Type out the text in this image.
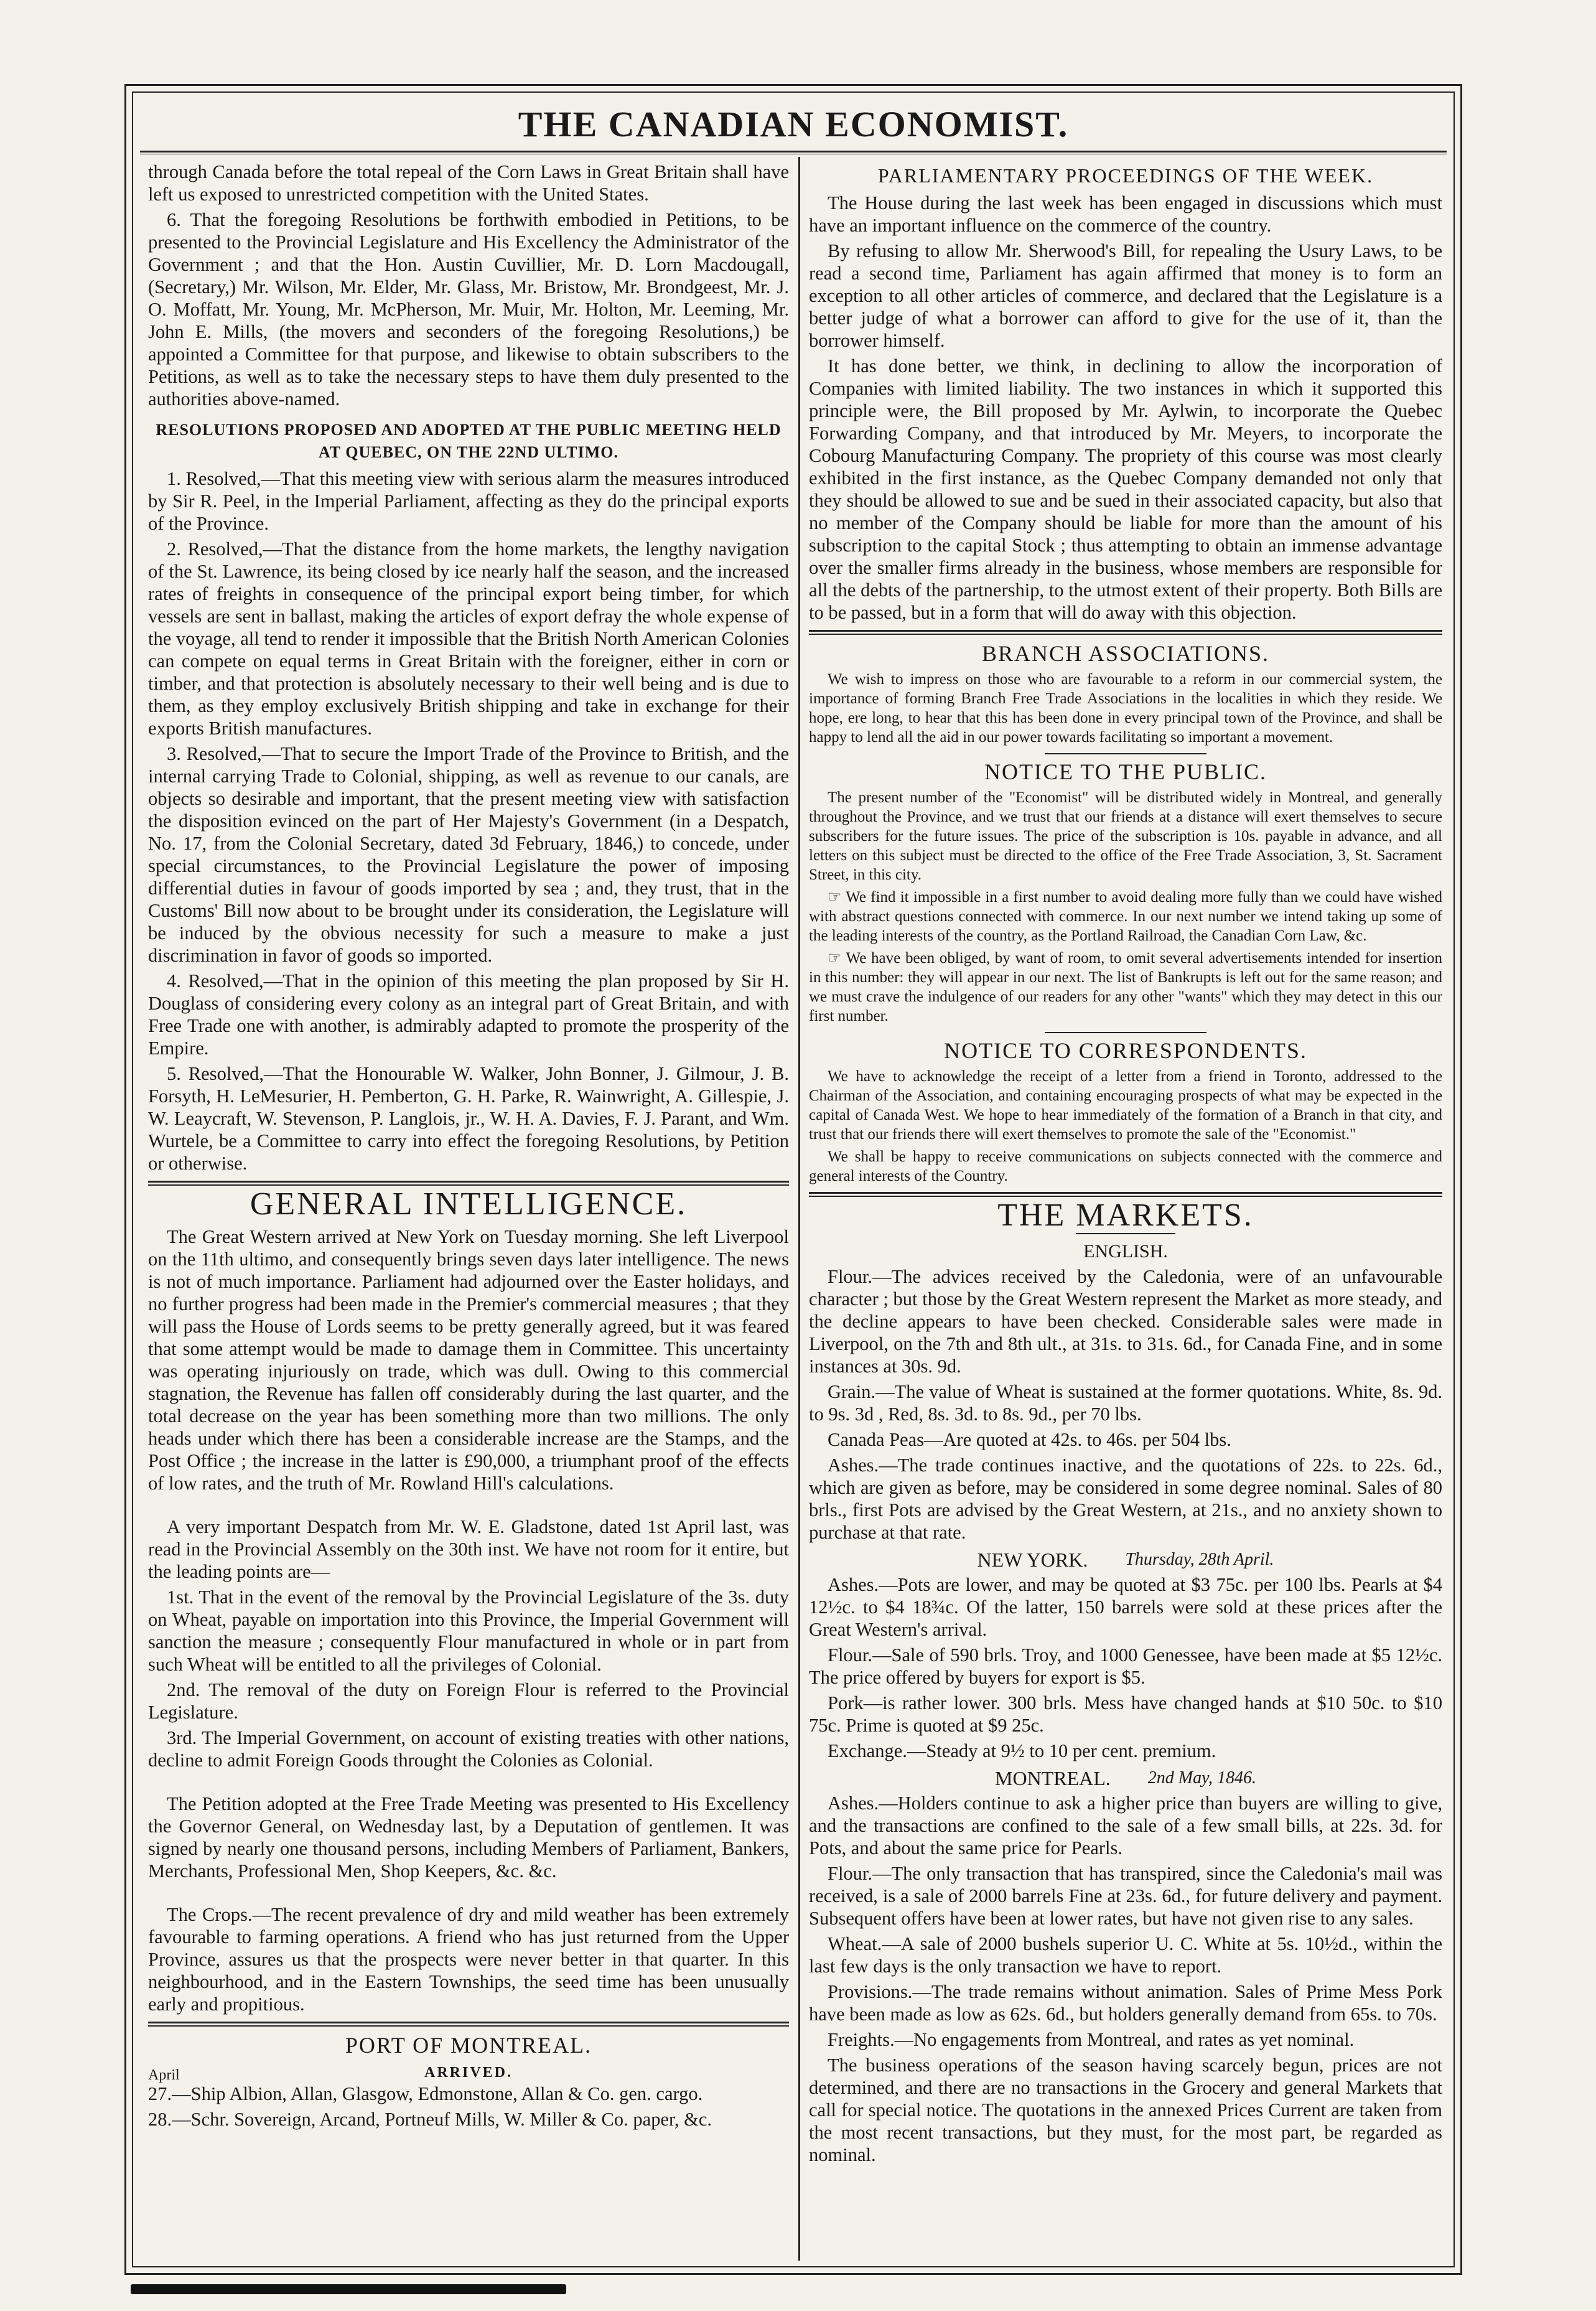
THE CANADIAN ECONOMIST.

through Canada before the total repeal of the Corn Laws in Great Britain shall have left us exposed to unrestricted competition with the United States.

6. That the foregoing Resolutions be forthwith embodied in Petitions, to be presented to the Provincial Legislature and His Excellency the Administrator of the Government ; and that the Hon. Austin Cuvillier, Mr. D. Lorn Macdougall, (Secretary,) Mr. Wilson, Mr. Elder, Mr. Glass, Mr. Bristow, Mr. Brondgeest, Mr. J. O. Moffatt, Mr. Young, Mr. McPherson, Mr. Muir, Mr. Holton, Mr. Leeming, Mr. John E. Mills, (the movers and seconders of the foregoing Resolutions,) be appointed a Committee for that purpose, and likewise to obtain subscribers to the Petitions, as well as to take the necessary steps to have them duly presented to the authorities above-named.

RESOLUTIONS PROPOSED AND ADOPTED AT THE PUBLIC MEETING HELD AT QUEBEC, ON THE 22ND ULTIMO.

1. Resolved,—That this meeting view with serious alarm the measures introduced by Sir R. Peel, in the Imperial Parliament, affecting as they do the principal exports of the Province.

2. Resolved,—That the distance from the home markets, the lengthy navigation of the St. Lawrence, its being closed by ice nearly half the season, and the increased rates of freights in consequence of the principal export being timber, for which vessels are sent in ballast, making the articles of export defray the whole expense of the voyage, all tend to render it impossible that the British North American Colonies can compete on equal terms in Great Britain with the foreigner, either in corn or timber, and that protection is absolutely necessary to their well being and is due to them, as they employ exclusively British shipping and take in exchange for their exports British manufactures.

3. Resolved,—That to secure the Import Trade of the Province to British, and the internal carrying Trade to Colonial, shipping, as well as revenue to our canals, are objects so desirable and important, that the present meeting view with satisfaction the disposition evinced on the part of Her Majesty's Government (in a Despatch, No. 17, from the Colonial Secretary, dated 3d February, 1846,) to concede, under special circumstances, to the Provincial Legislature the power of imposing differential duties in favour of goods imported by sea ; and, they trust, that in the Customs' Bill now about to be brought under its consideration, the Legislature will be induced by the obvious necessity for such a measure to make a just discrimination in favor of goods so imported.

4. Resolved,—That in the opinion of this meeting the plan proposed by Sir H. Douglass of considering every colony as an integral part of Great Britain, and with Free Trade one with another, is admirably adapted to promote the prosperity of the Empire.

5. Resolved,—That the Honourable W. Walker, John Bonner, J. Gilmour, J. B. Forsyth, H. LeMesurier, H. Pemberton, G. H. Parke, R. Wainwright, A. Gillespie, J. W. Leaycraft, W. Stevenson, P. Langlois, jr., W. H. A. Davies, F. J. Parant, and Wm. Wurtele, be a Committee to carry into effect the foregoing Resolutions, by Petition or otherwise.

GENERAL INTELLIGENCE.

The Great Western arrived at New York on Tuesday morning. She left Liverpool on the 11th ultimo, and consequently brings seven days later intelligence. The news is not of much importance. Parliament had adjourned over the Easter holidays, and no further progress had been made in the Premier's commercial measures ; that they will pass the House of Lords seems to be pretty generally agreed, but it was feared that some attempt would be made to damage them in Committee. This uncertainty was operating injuriously on trade, which was dull. Owing to this commercial stagnation, the Revenue has fallen off considerably during the last quarter, and the total decrease on the year has been something more than two millions. The only heads under which there has been a considerable increase are the Stamps, and the Post Office ; the increase in the latter is £90,000, a triumphant proof of the effects of low rates, and the truth of Mr. Rowland Hill's calculations.

A very important Despatch from Mr. W. E. Gladstone, dated 1st April last, was read in the Provincial Assembly on the 30th inst. We have not room for it entire, but the leading points are—

1st. That in the event of the removal by the Provincial Legislature of the 3s. duty on Wheat, payable on importation into this Province, the Imperial Government will sanction the measure ; consequently Flour manufactured in whole or in part from such Wheat will be entitled to all the privileges of Colonial.

2nd. The removal of the duty on Foreign Flour is referred to the Provincial Legislature.

3rd. The Imperial Government, on account of existing treaties with other nations, decline to admit Foreign Goods throught the Colonies as Colonial.

The Petition adopted at the Free Trade Meeting was presented to His Excellency the Governor General, on Wednesday last, by a Deputation of gentlemen. It was signed by nearly one thousand persons, including Members of Parliament, Bankers, Merchants, Professional Men, Shop Keepers, &c. &c.

The Crops.—The recent prevalence of dry and mild weather has been extremely favourable to farming operations. A friend who has just returned from the Upper Province, assures us that the prospects were never better in that quarter. In this neighbourhood, and in the Eastern Townships, the seed time has been unusually early and propitious.

PORT OF MONTREAL.
April	ARRIVED.

27.—Ship Albion, Allan, Glasgow, Edmonstone, Allan & Co. gen. cargo.

28.—Schr. Sovereign, Arcand, Portneuf Mills, W. Miller & Co. paper, &c.

PARLIAMENTARY PROCEEDINGS OF THE WEEK.

The House during the last week has been engaged in discussions which must have an important influence on the commerce of the country.

By refusing to allow Mr. Sherwood's Bill, for repealing the Usury Laws, to be read a second time, Parliament has again affirmed that money is to form an exception to all other articles of commerce, and declared that the Legislature is a better judge of what a borrower can afford to give for the use of it, than the borrower himself.

It has done better, we think, in declining to allow the incorporation of Companies with limited liability. The two instances in which it supported this principle were, the Bill proposed by Mr. Aylwin, to incorporate the Quebec Forwarding Company, and that introduced by Mr. Meyers, to incorporate the Cobourg Manufacturing Company. The propriety of this course was most clearly exhibited in the first instance, as the Quebec Company demanded not only that they should be allowed to sue and be sued in their associated capacity, but also that no member of the Company should be liable for more than the amount of his subscription to the capital Stock ; thus attempting to obtain an immense advantage over the smaller firms already in the business, whose members are responsible for all the debts of the partnership, to the utmost extent of their property. Both Bills are to be passed, but in a form that will do away with this objection.

BRANCH ASSOCIATIONS.

We wish to impress on those who are favourable to a reform in our commercial system, the importance of forming Branch Free Trade Associations in the localities in which they reside. We hope, ere long, to hear that this has been done in every principal town of the Province, and shall be happy to lend all the aid in our power towards facilitating so important a movement.

NOTICE TO THE PUBLIC.

The present number of the "Economist" will be distributed widely in Montreal, and generally throughout the Province, and we trust that our friends at a distance will exert themselves to secure subscribers for the future issues. The price of the subscription is 10s. payable in advance, and all letters on this subject must be directed to the office of the Free Trade Association, 3, St. Sacrament Street, in this city.

☞ We find it impossible in a first number to avoid dealing more fully than we could have wished with abstract questions connected with commerce. In our next number we intend taking up some of the leading interests of the country, as the Portland Railroad, the Canadian Corn Law, &c.

☞ We have been obliged, by want of room, to omit several advertisements intended for insertion in this number: they will appear in our next. The list of Bankrupts is left out for the same reason; and we must crave the indulgence of our readers for any other "wants" which they may detect in this our first number.

NOTICE TO CORRESPONDENTS.

We have to acknowledge the receipt of a letter from a friend in Toronto, addressed to the Chairman of the Association, and containing encouraging prospects of what may be expected in the capital of Canada West. We hope to hear immediately of the formation of a Branch in that city, and trust that our friends there will exert themselves to promote the sale of the "Economist."

We shall be happy to receive communications on subjects connected with the commerce and general interests of the Country.

THE MARKETS.
ENGLISH.

Flour.—The advices received by the Caledonia, were of an unfavourable character ; but those by the Great Western represent the Market as more steady, and the decline appears to have been checked. Considerable sales were made in Liverpool, on the 7th and 8th ult., at 31s. to 31s. 6d., for Canada Fine, and in some instances at 30s. 9d.

Grain.—The value of Wheat is sustained at the former quotations. White, 8s. 9d. to 9s. 3d , Red, 8s. 3d. to 8s. 9d., per 70 lbs.

Canada Peas—Are quoted at 42s. to 46s. per 504 lbs.

Ashes.—The trade continues inactive, and the quotations of 22s. to 22s. 6d., which are given as before, may be considered in some degree nominal. Sales of 80 brls., first Pots are advised by the Great Western, at 21s., and no anxiety shown to purchase at that rate.

NEW YORK. Thursday, 28th April.

Ashes.—Pots are lower, and may be quoted at $3 75c. per 100 lbs. Pearls at $4 12½c. to $4 18¾c. Of the latter, 150 barrels were sold at these prices after the Great Western's arrival.

Flour.—Sale of 590 brls. Troy, and 1000 Genessee, have been made at $5 12½c. The price offered by buyers for export is $5.

Pork—is rather lower. 300 brls. Mess have changed hands at $10 50c. to $10 75c. Prime is quoted at $9 25c.

Exchange.—Steady at 9½ to 10 per cent. premium.

MONTREAL. 2nd May, 1846.

Ashes.—Holders continue to ask a higher price than buyers are willing to give, and the transactions are confined to the sale of a few small bills, at 22s. 3d. for Pots, and about the same price for Pearls.

Flour.—The only transaction that has transpired, since the Caledonia's mail was received, is a sale of 2000 barrels Fine at 23s. 6d., for future delivery and payment. Subsequent offers have been at lower rates, but have not given rise to any sales.

Wheat.—A sale of 2000 bushels superior U. C. White at 5s. 10½d., within the last few days is the only transaction we have to report.

Provisions.—The trade remains without animation. Sales of Prime Mess Pork have been made as low as 62s. 6d., but holders generally demand from 65s. to 70s.

Freights.—No engagements from Montreal, and rates as yet nominal.

The business operations of the season having scarcely begun, prices are not determined, and there are no transactions in the Grocery and general Markets that call for special notice. The quotations in the annexed Prices Current are taken from the most recent transactions, but they must, for the most part, be regarded as nominal.
